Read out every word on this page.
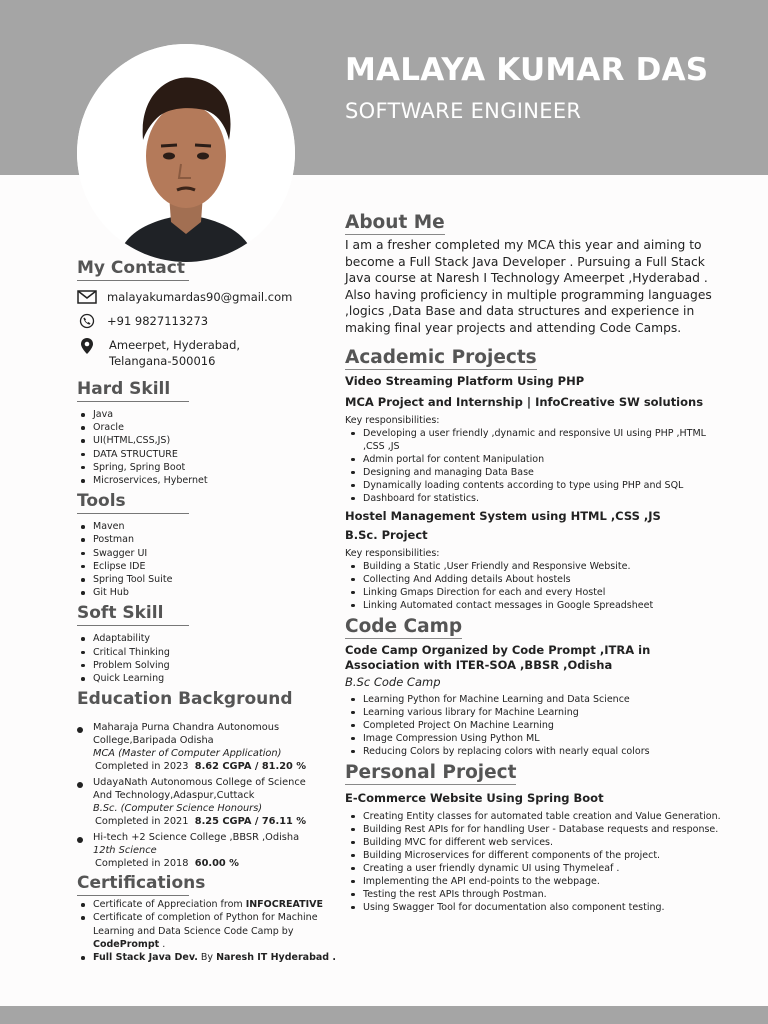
MALAYA KUMAR DAS
SOFTWARE ENGINEER
My Contact
malayakumardas90@gmail.com
+91 9827113273
Ameerpet, Hyderabad,
Telangana-500016
Hard Skill
Java
Oracle
UI(HTML,CSS,JS)
DATA STRUCTURE
Spring, Spring Boot
Microservices, Hybernet
Tools
Maven
Postman
Swagger UI
Eclipse IDE
Spring Tool Suite
Git Hub
Soft Skill
Adaptability
Critical Thinking
Problem Solving
Quick Learning
Education Background
Maharaja Purna Chandra Autonomous
College,Baripada Odisha
MCA (Master of Computer Application)
Completed in 2023 8.62 CGPA / 81.20 %
UdayaNath Autonomous College of Science
And Technology,Adaspur,Cuttack
B.Sc. (Computer Science Honours)
Completed in 2021 8.25 CGPA / 76.11 %
Hi-tech +2 Science College ,BBSR ,Odisha
12th Science
Completed in 2018 60.00 %
Certifications
Certificate of Appreciation from INFOCREATIVE
Certificate of completion of Python for Machine Learning and Data Science Code Camp by CodePrompt .
Full Stack Java Dev. By Naresh IT Hyderabad .
About Me
I am a fresher completed my MCA this year and aiming to become a Full Stack Java Developer . Pursuing a Full Stack Java course at Naresh I Technology Ameerpet ,Hyderabad . Also having proficiency in multiple programming languages ,logics ,Data Base and data structures and experience in making final year projects and attending Code Camps.
Academic Projects
Video Streaming Platform Using PHP
MCA Project and Internship | InfoCreative SW solutions
Key responsibilities:
Developing a user friendly ,dynamic and responsive UI using PHP ,HTML ,CSS ,JS
Admin portal for content Manipulation
Designing and managing Data Base
Dynamically loading contents according to type using PHP and SQL
Dashboard for statistics.
Hostel Management System using HTML ,CSS ,JS
B.Sc. Project
Key responsibilities:
Building a Static ,User Friendly and Responsive Website.
Collecting And Adding details About hostels
Linking Gmaps Direction for each and every Hostel
Linking Automated contact messages in Google Spreadsheet
Code Camp
Code Camp Organized by Code Prompt ,ITRA in Association with ITER-SOA ,BBSR ,Odisha
B.Sc Code Camp
Learning Python for Machine Learning and Data Science
Learning various library for Machine Learning
Completed Project On Machine Learning
Image Compression Using Python ML
Reducing Colors by replacing colors with nearly equal colors
Personal Project
E-Commerce Website Using Spring Boot
Creating Entity classes for automated table creation and Value Generation.
Building Rest APIs for for handling User - Database requests and response.
Building MVC for different web services.
Building Microservices for different components of the project.
Creating a user friendly dynamic UI using Thymeleaf .
Implementing the API end-points to the webpage.
Testing the rest APIs through Postman.
Using Swagger Tool for documentation also component testing.
